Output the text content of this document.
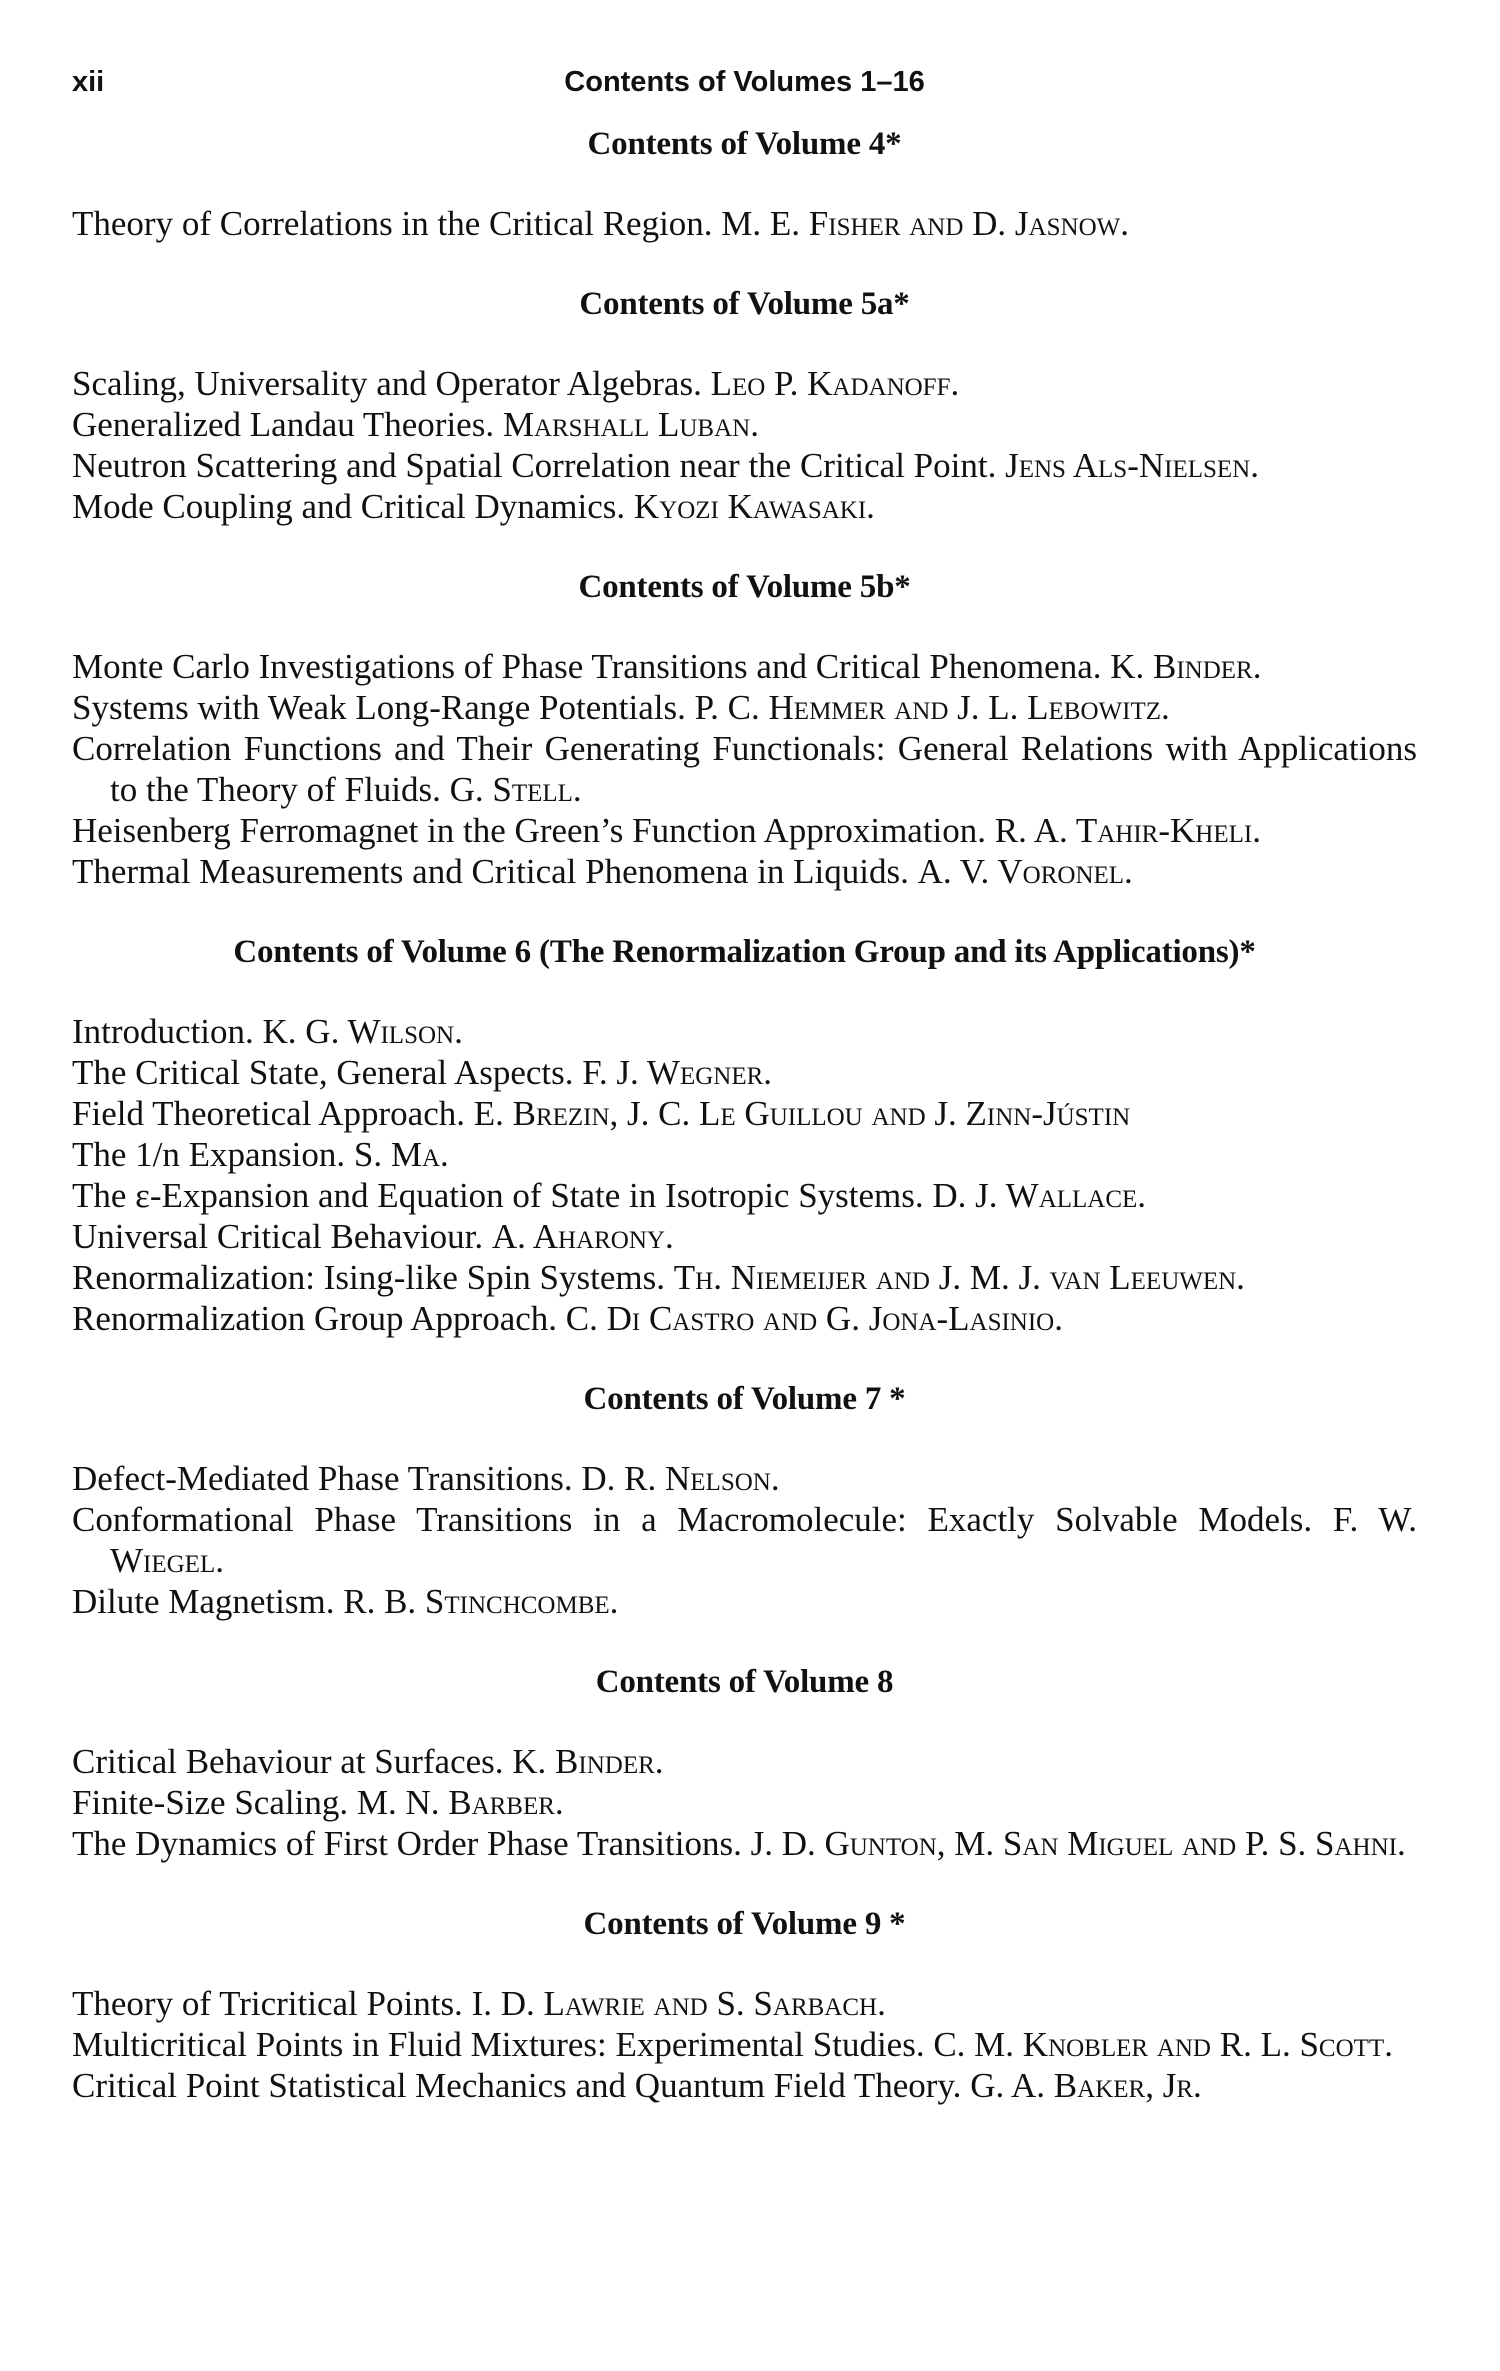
xii	Contents of Volumes 1–16
Contents of Volume 4*
Theory of Correlations in the Critical Region. M. E. Fisher and D. Jasnow.
Contents of Volume 5a*
Scaling, Universality and Operator Algebras. Leo P. Kadanoff.
Generalized Landau Theories. Marshall Luban.
Neutron Scattering and Spatial Correlation near the Critical Point. Jens Als-Nielsen.
Mode Coupling and Critical Dynamics. Kyozi Kawasaki.
Contents of Volume 5b*
Monte Carlo Investigations of Phase Transitions and Critical Phenomena. K. Binder.
Systems with Weak Long-Range Potentials. P. C. Hemmer and J. L. Lebowitz.
Correlation Functions and Their Generating Functionals: General Relations with Applications to the Theory of Fluids. G. Stell.
Heisenberg Ferromagnet in the Green’s Function Approximation. R. A. Tahir-Kheli.
Thermal Measurements and Critical Phenomena in Liquids. A. V. Voronel.
Contents of Volume 6 (The Renormalization Group and its Applications)*
Introduction. K. G. Wilson.
The Critical State, General Aspects. F. J. Wegner.
Field Theoretical Approach. E. Brezin, J. C. Le Guillou and J. Zinn-Jústin
The 1/n Expansion. S. Ma.
The ε-Expansion and Equation of State in Isotropic Systems. D. J. Wallace.
Universal Critical Behaviour. A. Aharony.
Renormalization: Ising-like Spin Systems. Th. Niemeijer and J. M. J. van Leeuwen.
Renormalization Group Approach. C. Di Castro and G. Jona-Lasinio.
Contents of Volume 7 *
Defect-Mediated Phase Transitions. D. R. Nelson.
Conformational Phase Transitions in a Macromolecule: Exactly Solvable Models. F. W. Wiegel.
Dilute Magnetism. R. B. Stinchcombe.
Contents of Volume 8
Critical Behaviour at Surfaces. K. Binder.
Finite-Size Scaling. M. N. Barber.
The Dynamics of First Order Phase Transitions. J. D. Gunton, M. San Miguel and P. S. Sahni.
Contents of Volume 9 *
Theory of Tricritical Points. I. D. Lawrie and S. Sarbach.
Multicritical Points in Fluid Mixtures: Experimental Studies. C. M. Knobler and R. L. Scott.
Critical Point Statistical Mechanics and Quantum Field Theory. G. A. Baker, Jr.
